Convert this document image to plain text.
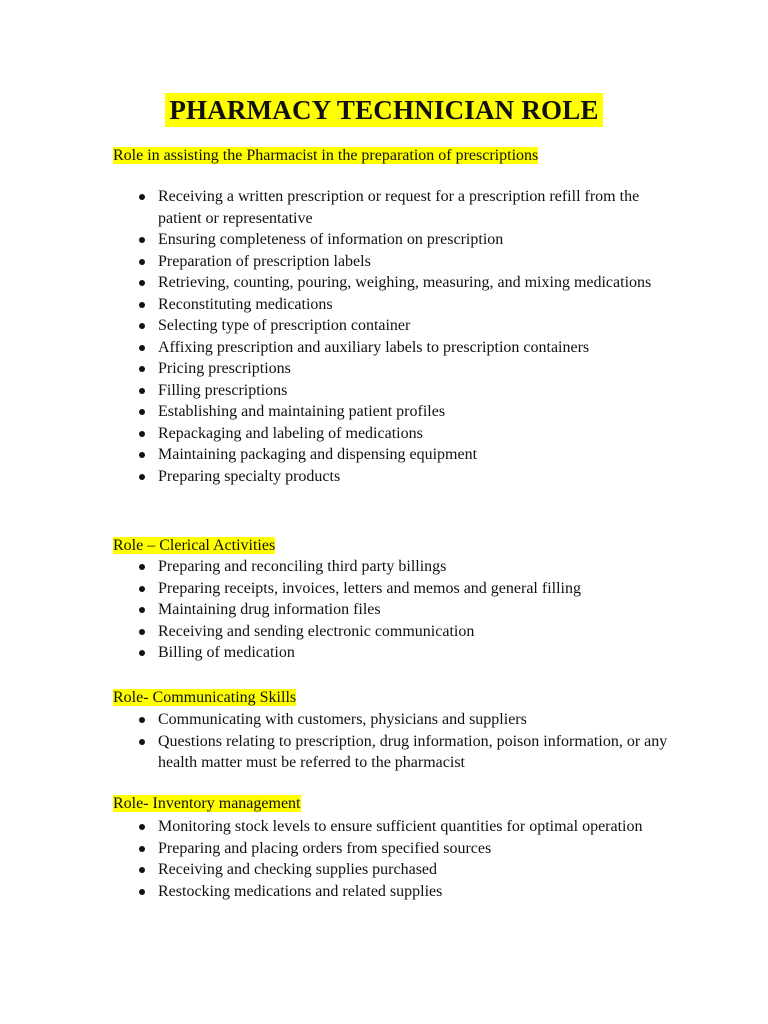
PHARMACY TECHNICIAN ROLE
Role in assisting the Pharmacist in the preparation of prescriptions
Receiving a written prescription or request for a prescription refill from the patient or representative
Ensuring completeness of information on prescription
Preparation of prescription labels
Retrieving, counting, pouring, weighing, measuring, and mixing medications
Reconstituting medications
Selecting type of prescription container
Affixing prescription and auxiliary labels to prescription containers
Pricing prescriptions
Filling prescriptions
Establishing and maintaining patient profiles
Repackaging and labeling of medications
Maintaining packaging and dispensing equipment
Preparing specialty products
Role – Clerical Activities
Preparing and reconciling third party billings
Preparing receipts, invoices, letters and memos and general filling
Maintaining drug information files
Receiving and sending electronic communication
Billing of medication
Role- Communicating Skills
Communicating with customers, physicians and suppliers
Questions relating to prescription, drug information, poison information, or any health matter must be referred to the pharmacist
Role- Inventory management
Monitoring stock levels to ensure sufficient quantities for optimal operation
Preparing and placing orders from specified sources
Receiving and checking supplies purchased
Restocking medications and related supplies
